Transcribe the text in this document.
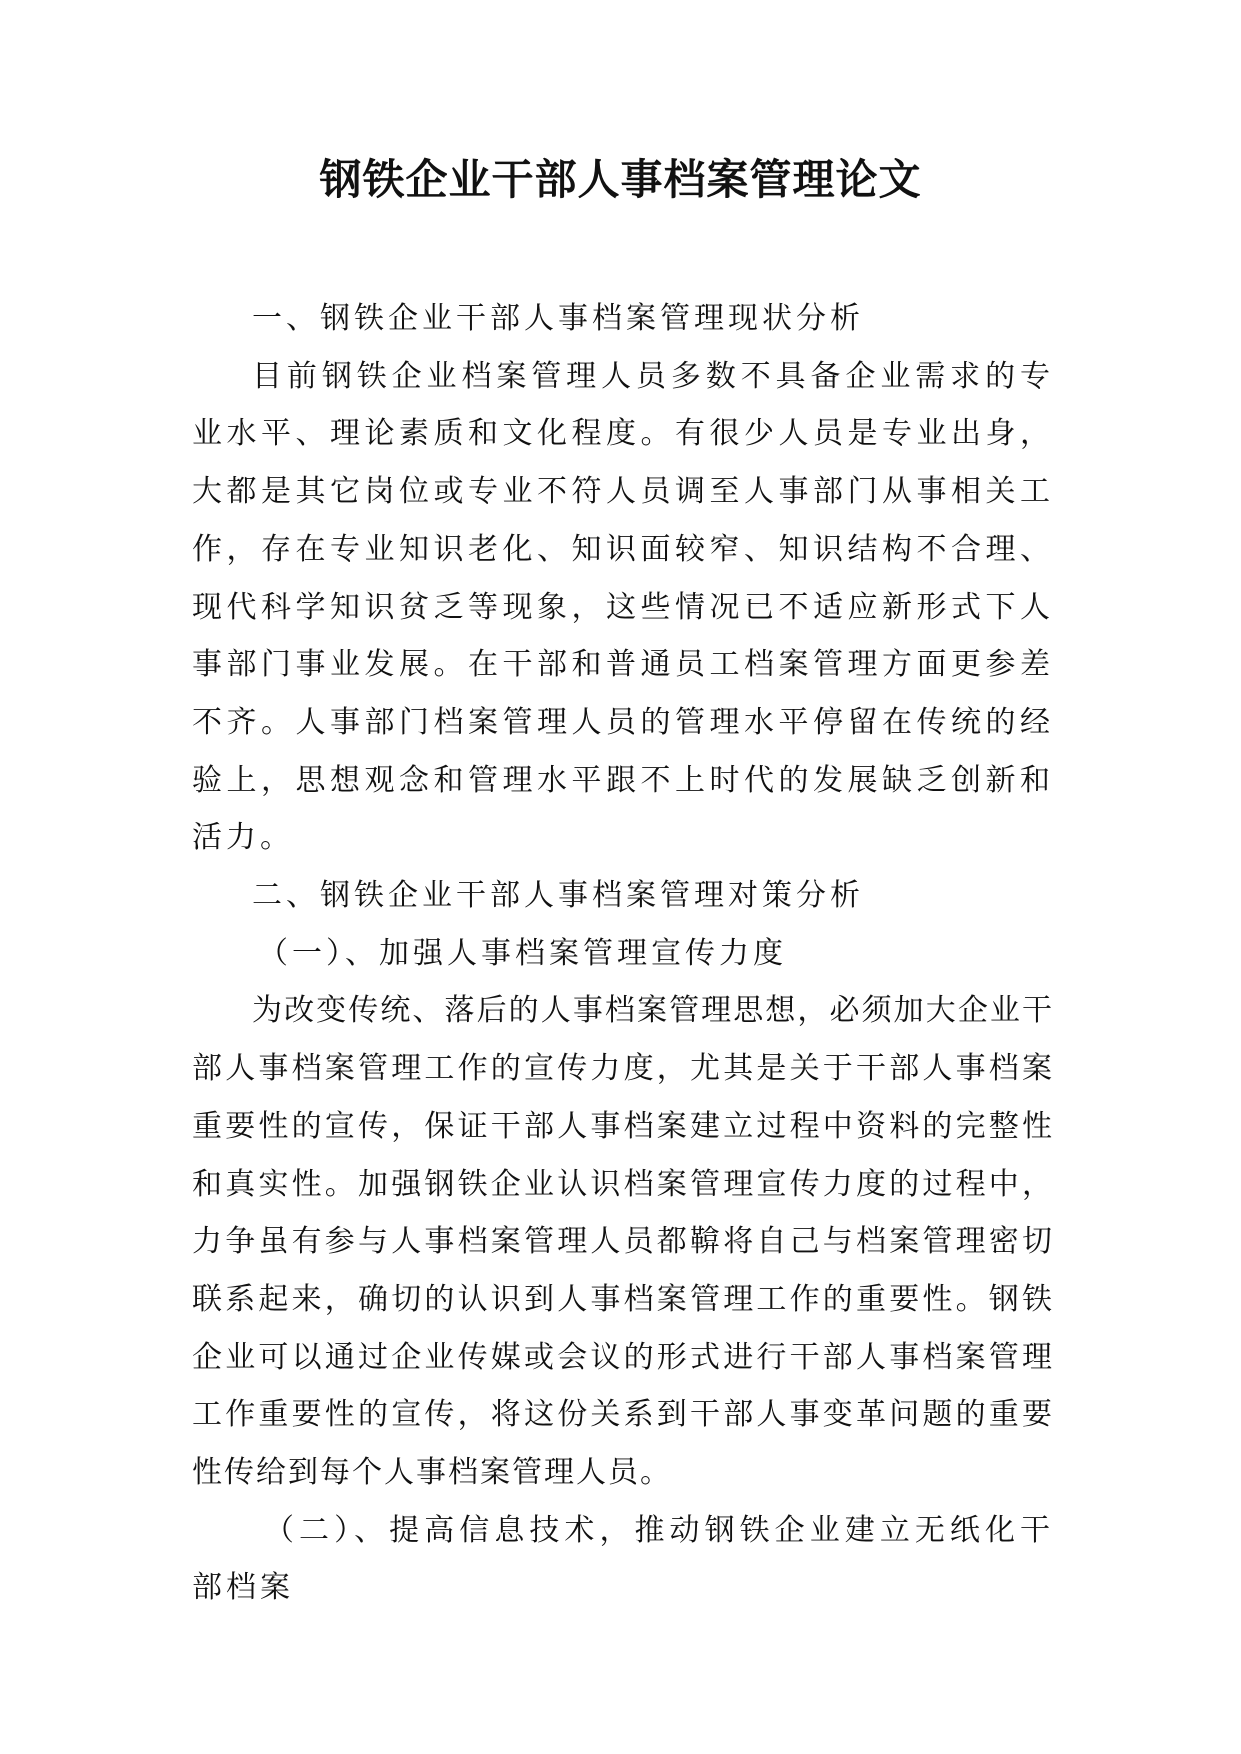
钢铁企业干部人事档案管理论文

一、钢铁企业干部人事档案管理现状分析

目前钢铁企业档案管理人员多数不具备企业需求的专业水平、理论素质和文化程度。有很少人员是专业出身，大都是其它岗位或专业不符人员调至人事部门从事相关工作，存在专业知识老化、知识面较窄、知识结构不合理、现代科学知识贫乏等现象，这些情况已不适应新形式下人事部门事业发展。在干部和普通员工档案管理方面更参差不齐。人事部门档案管理人员的管理水平停留在传统的经验上，思想观念和管理水平跟不上时代的发展缺乏创新和活力。

二、钢铁企业干部人事档案管理对策分析

（一）、加强人事档案管理宣传力度

为改变传统、落后的人事档案管理思想，必须加大企业干部人事档案管理工作的宣传力度，尤其是关于干部人事档案重要性的宣传，保证干部人事档案建立过程中资料的完整性和真实性。加强钢铁企业认识档案管理宣传力度的过程中，力争虽有参与人事档案管理人员都鞥将自己与档案管理密切联系起来，确切的认识到人事档案管理工作的重要性。钢铁企业可以通过企业传媒或会议的形式进行干部人事档案管理工作重要性的宣传，将这份关系到干部人事变革问题的重要性传给到每个人事档案管理人员。

（二）、提高信息技术，推动钢铁企业建立无纸化干部档案
